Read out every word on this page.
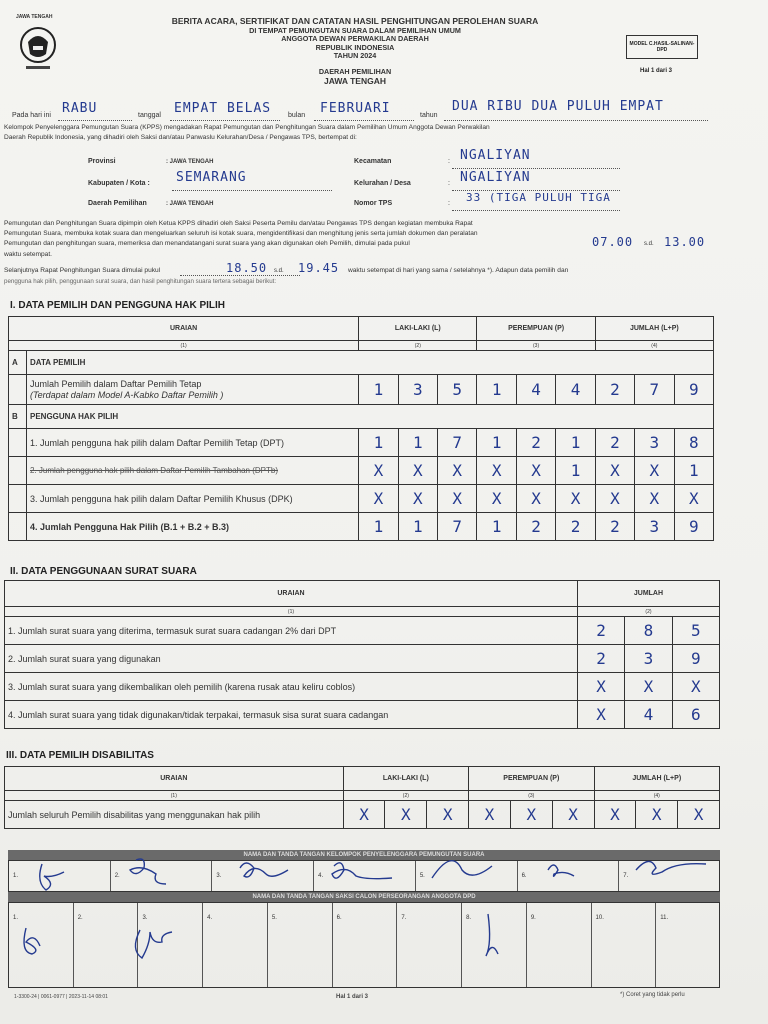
JAWA TENGAH	BERITA ACARA, SERTIFIKAT DAN CATATAN HASIL PENGHITUNGAN PEROLEHAN SUARA
DI TEMPAT PEMUNGUTAN SUARA DALAM PEMILIHAN UMUM
ANGGOTA DEWAN PERWAKILAN DAERAH
REPUBLIK INDONESIA
TAHUN 2024
DAERAH PEMILIHAN
JAWA TENGAH
MODEL C.HASIL-SALINAN-DPD
Hal 1 dari 3
Pada hari ini RABU	tanggal EMPAT BELAS bulan FEBRUARI	tahun
DUA RIBU DUA PULUH EMPAT
Kelompok Penyelenggara Pemungutan Suara (KPPS) mengadakan Rapat Pemungutan dan Penghitungan Suara dalam Pemilihan Umum Anggota Dewan Perwakilan
Daerah Republik Indonesia, yang dihadiri oleh Saksi dan/atau Panwaslu Kelurahan/Desa / Pengawas TPS, bertempat di:
Provinsi	: JAWA TENGAH
Kabupaten / Kota : SEMARANG
Daerah Pemilihan	: JAWA TENGAH
Kecamatan	: NGALIYAN
Kelurahan / Desa	: NGALIYAN
Nomor TPS	: 33 (TIGA PULUH TIGA
Pemungutan dan Penghitungan Suara dipimpin oleh Ketua KPPS dihadiri oleh Saksi Peserta Pemilu dan/atau Pengawas TPS dengan kegiatan membuka Rapat
Pemungutan Suara, membuka kotak suara dan mengeluarkan seluruh isi kotak suara, mengidentifikasi dan menghitung jenis serta jumlah dokumen dan peralatan
Pemungutan dan penghitungan suara, memeriksa dan menandatangani surat suara yang akan digunakan oleh Pemilih, dimulai pada pukul	07.00 s.d. 13.00
waktu setempat.
Selanjutnya Rapat Penghitungan Suara dimulai pukul	18.50 s.d. 19.45 waktu setempat di hari yang sama / setelahnya *). Adapun data pemilih dan
pengguna hak pilih, penggunaan surat suara, dan hasil penghitungan suara tertera sebagai berikut:
I. DATA PEMILIH DAN PENGGUNA HAK PILIH
URAIAN		LAKI-LAKI (L)			PEREMPUAN (P)			JUMLAH (L+P)		
(1)		(2)			(3)			(4)		
A	DATA PEMILIH									

	Jumlah Pemilih dalam Daftar Pemilih Tetap
(Terdapat dalam Model A-Kabko Daftar Pemilih )	1	3	5	1	4	4	2	7	9
B	PENGGUNA HAK PILIH									
	1. Jumlah pengguna hak pilih dalam Daftar Pemilih Tetap (DPT)	1	1	7	1	2	1	2	3	8
	2. Jumlah pengguna hak pilih dalam Daftar Pemilih Tambahan (DPTb)	X	X	X	X	X	1	X	X	1
	3. Jumlah pengguna hak pilih dalam Daftar Pemilih Khusus (DPK)	X	X	X	X	X	X	X	X	X
	4. Jumlah Pengguna Hak Pilih (B.1 + B.2 + B.3)	1	1	7	1	2	2	2	3	9
II. DATA PENGGUNAAN SURAT SUARA
URAIAN	JUMLAH		
(1)	(2)		
1. Jumlah surat suara yang diterima, termasuk surat suara cadangan 2% dari DPT	2	8	5
2. Jumlah surat suara yang digunakan	2	3	9
3. Jumlah surat suara yang dikembalikan oleh pemilih (karena rusak atau keliru coblos)	X	X	X
4. Jumlah surat suara yang tidak digunakan/tidak terpakai, termasuk sisa surat suara cadangan	X	4	6
III. DATA PEMILIH DISABILITAS
URAIAN	LAKI-LAKI (L)			PEREMPUAN (P)			JUMLAH (L+P)		
(1)	(2)			(3)			(4)		
Jumlah seluruh Pemilih disabilitas yang menggunakan hak pilih	X	X	X	X	X	X	X	X	X
NAMA DAN TANDA TANGAN KELOMPOK PENYELENGGARA PEMUNGUTAN SUARA
1.	2.	3.	4.	5.	6.	7.
NAMA DAN TANDA TANGAN SAKSI CALON PERSEORANGAN ANGGOTA DPD
1.	2.	3.	4.	5.	6.	7.	8.	9.	10.	11.
1-3300-24 | 0061-0977 | 2023-11-14 08:01	Hal 1 dari 3	*) Coret yang tidak perlu
